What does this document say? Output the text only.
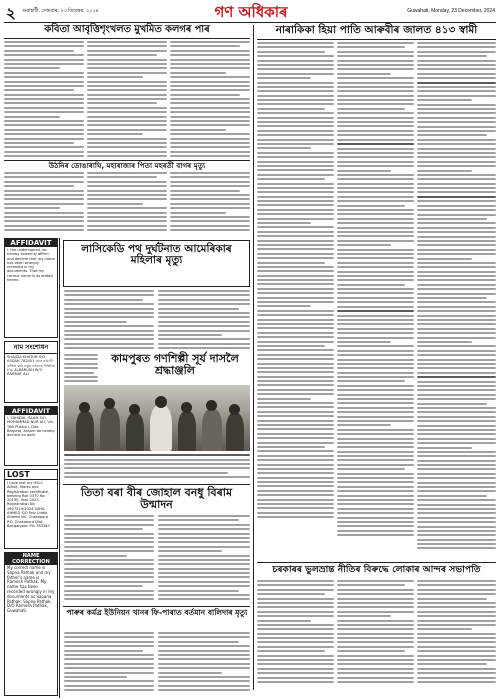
২ গুৱাহাটী, সোমবাৰ, ২৩ ডিচেম্বৰ, ২০২৪	গণ অধিকাৰ	Guwahati, Monday, 23 December, 2024
কবিতা আবৃত্তিশৃংখলত মুখমিত কলগৰ পাৰ
উঠনিৰ ডোঙাৰাঘি, মহাৰাজাৰ পিতা মহৰতী বাগৰ মৃত্যু
AFFIDAVIT
I, the undersigned, do hereby solemnly affirm and declare that my name has been wrongly recorded in my documents. That my correct name is as stated herein.
নাম সংশোধন
SHAJIDA KHATUN S/O ASSAM 782001 মোৰ নামটো বাতিল কৰি নতুন নামেৰে পৰিচিত হ'ম। ALBARUSH W/O RAHMAT ALI
AFFIDAVIT
I, SAHIDUL ISLAM S/O MOHAMMAD NUR ALI, Vill- Tikli Pukhuri, Dist- Barpeta, Assam do hereby declare on oath.
LOST
I have lost my HSLC Admit, Marks and Registration certificate, bearing Roll 0370 No 20190, Year 2023. Registration No 2607519/2024 SAHIL AHMED S/O Faiz Uddin Ahmed Vill- Chakapara P.O. Chakapara Dist. Bongaigaon Pin 783380
NAME CORRECTION
My correct name is Sapna Pathak and my father's name is Ramesh Pathak. My name has been recorded wrongly in my documents as Sapana Pathak. Sapna Pathak, D/O Ramesh Pathak, Guwahati.
লাসিকেডি পথ দুৰ্ঘটনাত আমেৰিকাৰ মহিলাৰ মৃত্যু
কামপুৰত গণশিল্পী সূৰ্য দাসলৈ শ্ৰদ্ধাঞ্জলি
তিতা বৰা বীৰ জোহাল বনধু বিৰাম উন্মাদন
পাৰুৰ কৰ্মত্ৰ ইউনিয়ন খানৰ ফি-পাৰাত বৰ্তমান বালিদাৰ মৃত্যু
নাৰাকিকা হিয়া পাতি আৰুবীৰ জালত ৪১৩ স্বামী
চৰকাৰৰ ভুলভ্ৰান্ত নীতিৰ বিৰুদ্ধে লোকাৰ আন্দৰ সভাপতি
